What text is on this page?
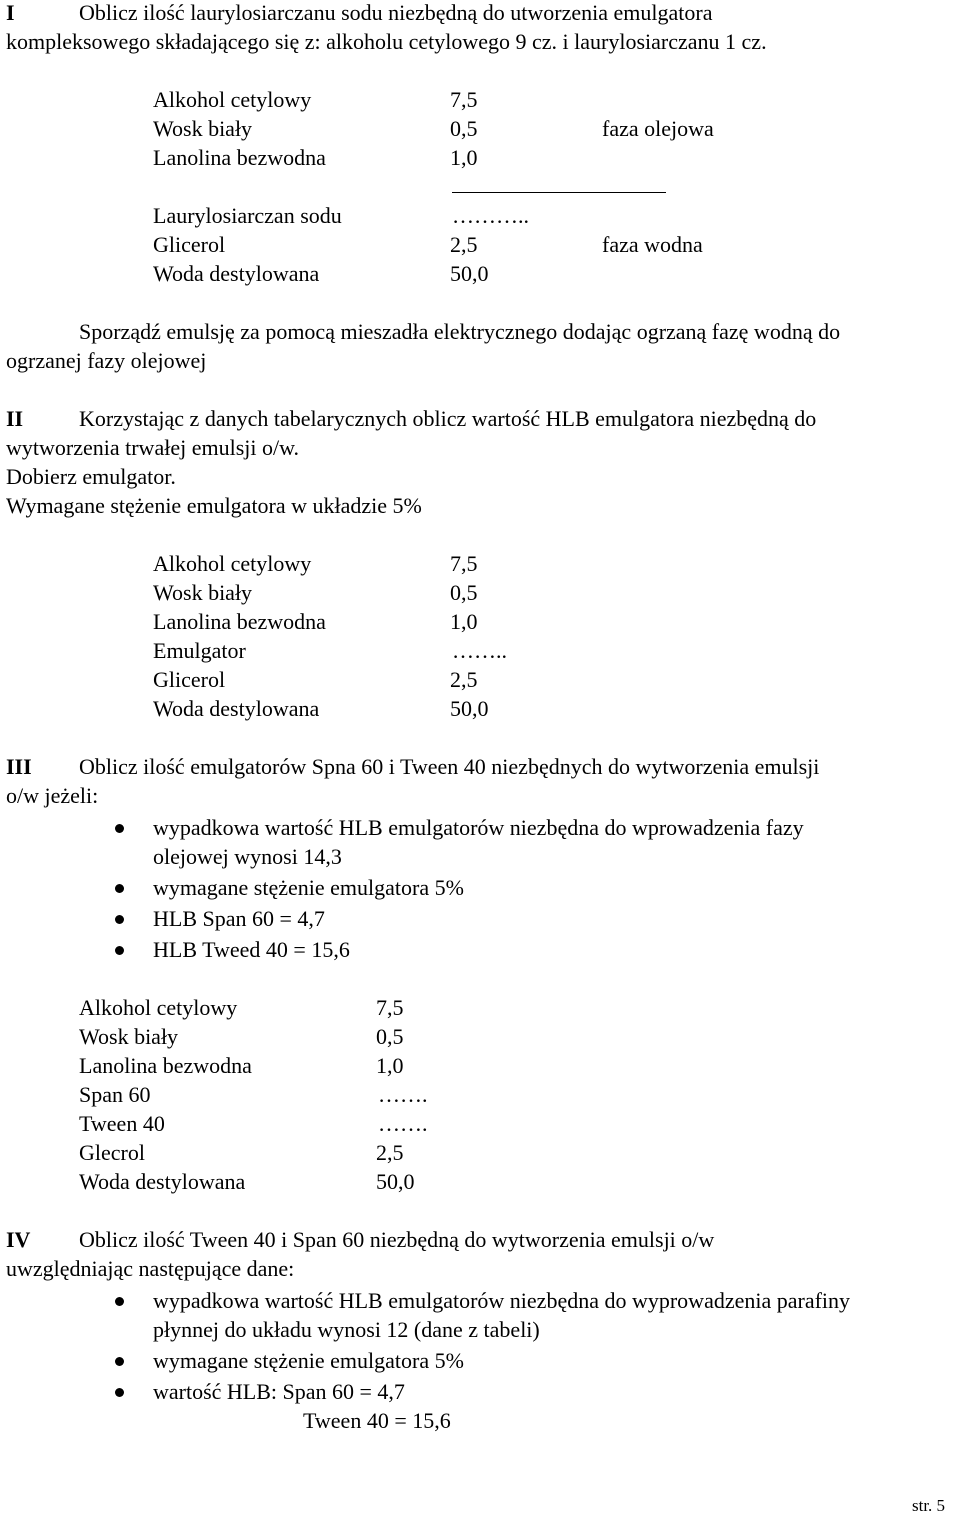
I	Oblicz ilość laurylosiarczanu sodu niezbędną do utworzenia emulgatora
kompleksowego składającego się z: alkoholu cetylowego 9 cz. i laurylosiarczanu 1 cz.
Alkohol cetylowy	7,5
Wosk biały	0,5	faza olejowa
Lanolina bezwodna	1,0
Laurylosiarczan sodu	………..
Glicerol	2,5	faza wodna
Woda destylowana	50,0
Sporządź emulsję za pomocą mieszadła elektrycznego dodając ogrzaną fazę wodną do
ogrzanej fazy olejowej
II	Korzystając z danych tabelarycznych oblicz wartość HLB emulgatora niezbędną do
wytworzenia trwałej emulsji o/w.
Dobierz emulgator.
Wymagane stężenie emulgatora w układzie 5%
Alkohol cetylowy	7,5
Wosk biały	0,5
Lanolina bezwodna	1,0
Emulgator	……..
Glicerol	2,5
Woda destylowana	50,0
III Oblicz ilość emulgatorów Spna 60 i Tween 40 niezbędnych do wytworzenia emulsji
o/w jeżeli:
wypadkowa wartość HLB emulgatorów niezbędna do wprowadzenia fazy
olejowej wynosi 14,3
wymagane stężenie emulgatora 5%
HLB Span 60 = 4,7
HLB Tweed 40 = 15,6
Alkohol cetylowy	7,5
Wosk biały	0,5
Lanolina bezwodna	1,0
Span 60	…….
Tween 40	…….
Glecrol	2,5
Woda destylowana	50,0
IV Oblicz ilość Tween 40 i Span 60 niezbędną do wytworzenia emulsji o/w
uwzględniając następujące dane:
wypadkowa wartość HLB emulgatorów niezbędna do wyprowadzenia parafiny
płynnej do układu wynosi 12 (dane z tabeli)
wymagane stężenie emulgatora 5%
wartość HLB: Span 60 = 4,7
Tween 40 = 15,6
str. 5
